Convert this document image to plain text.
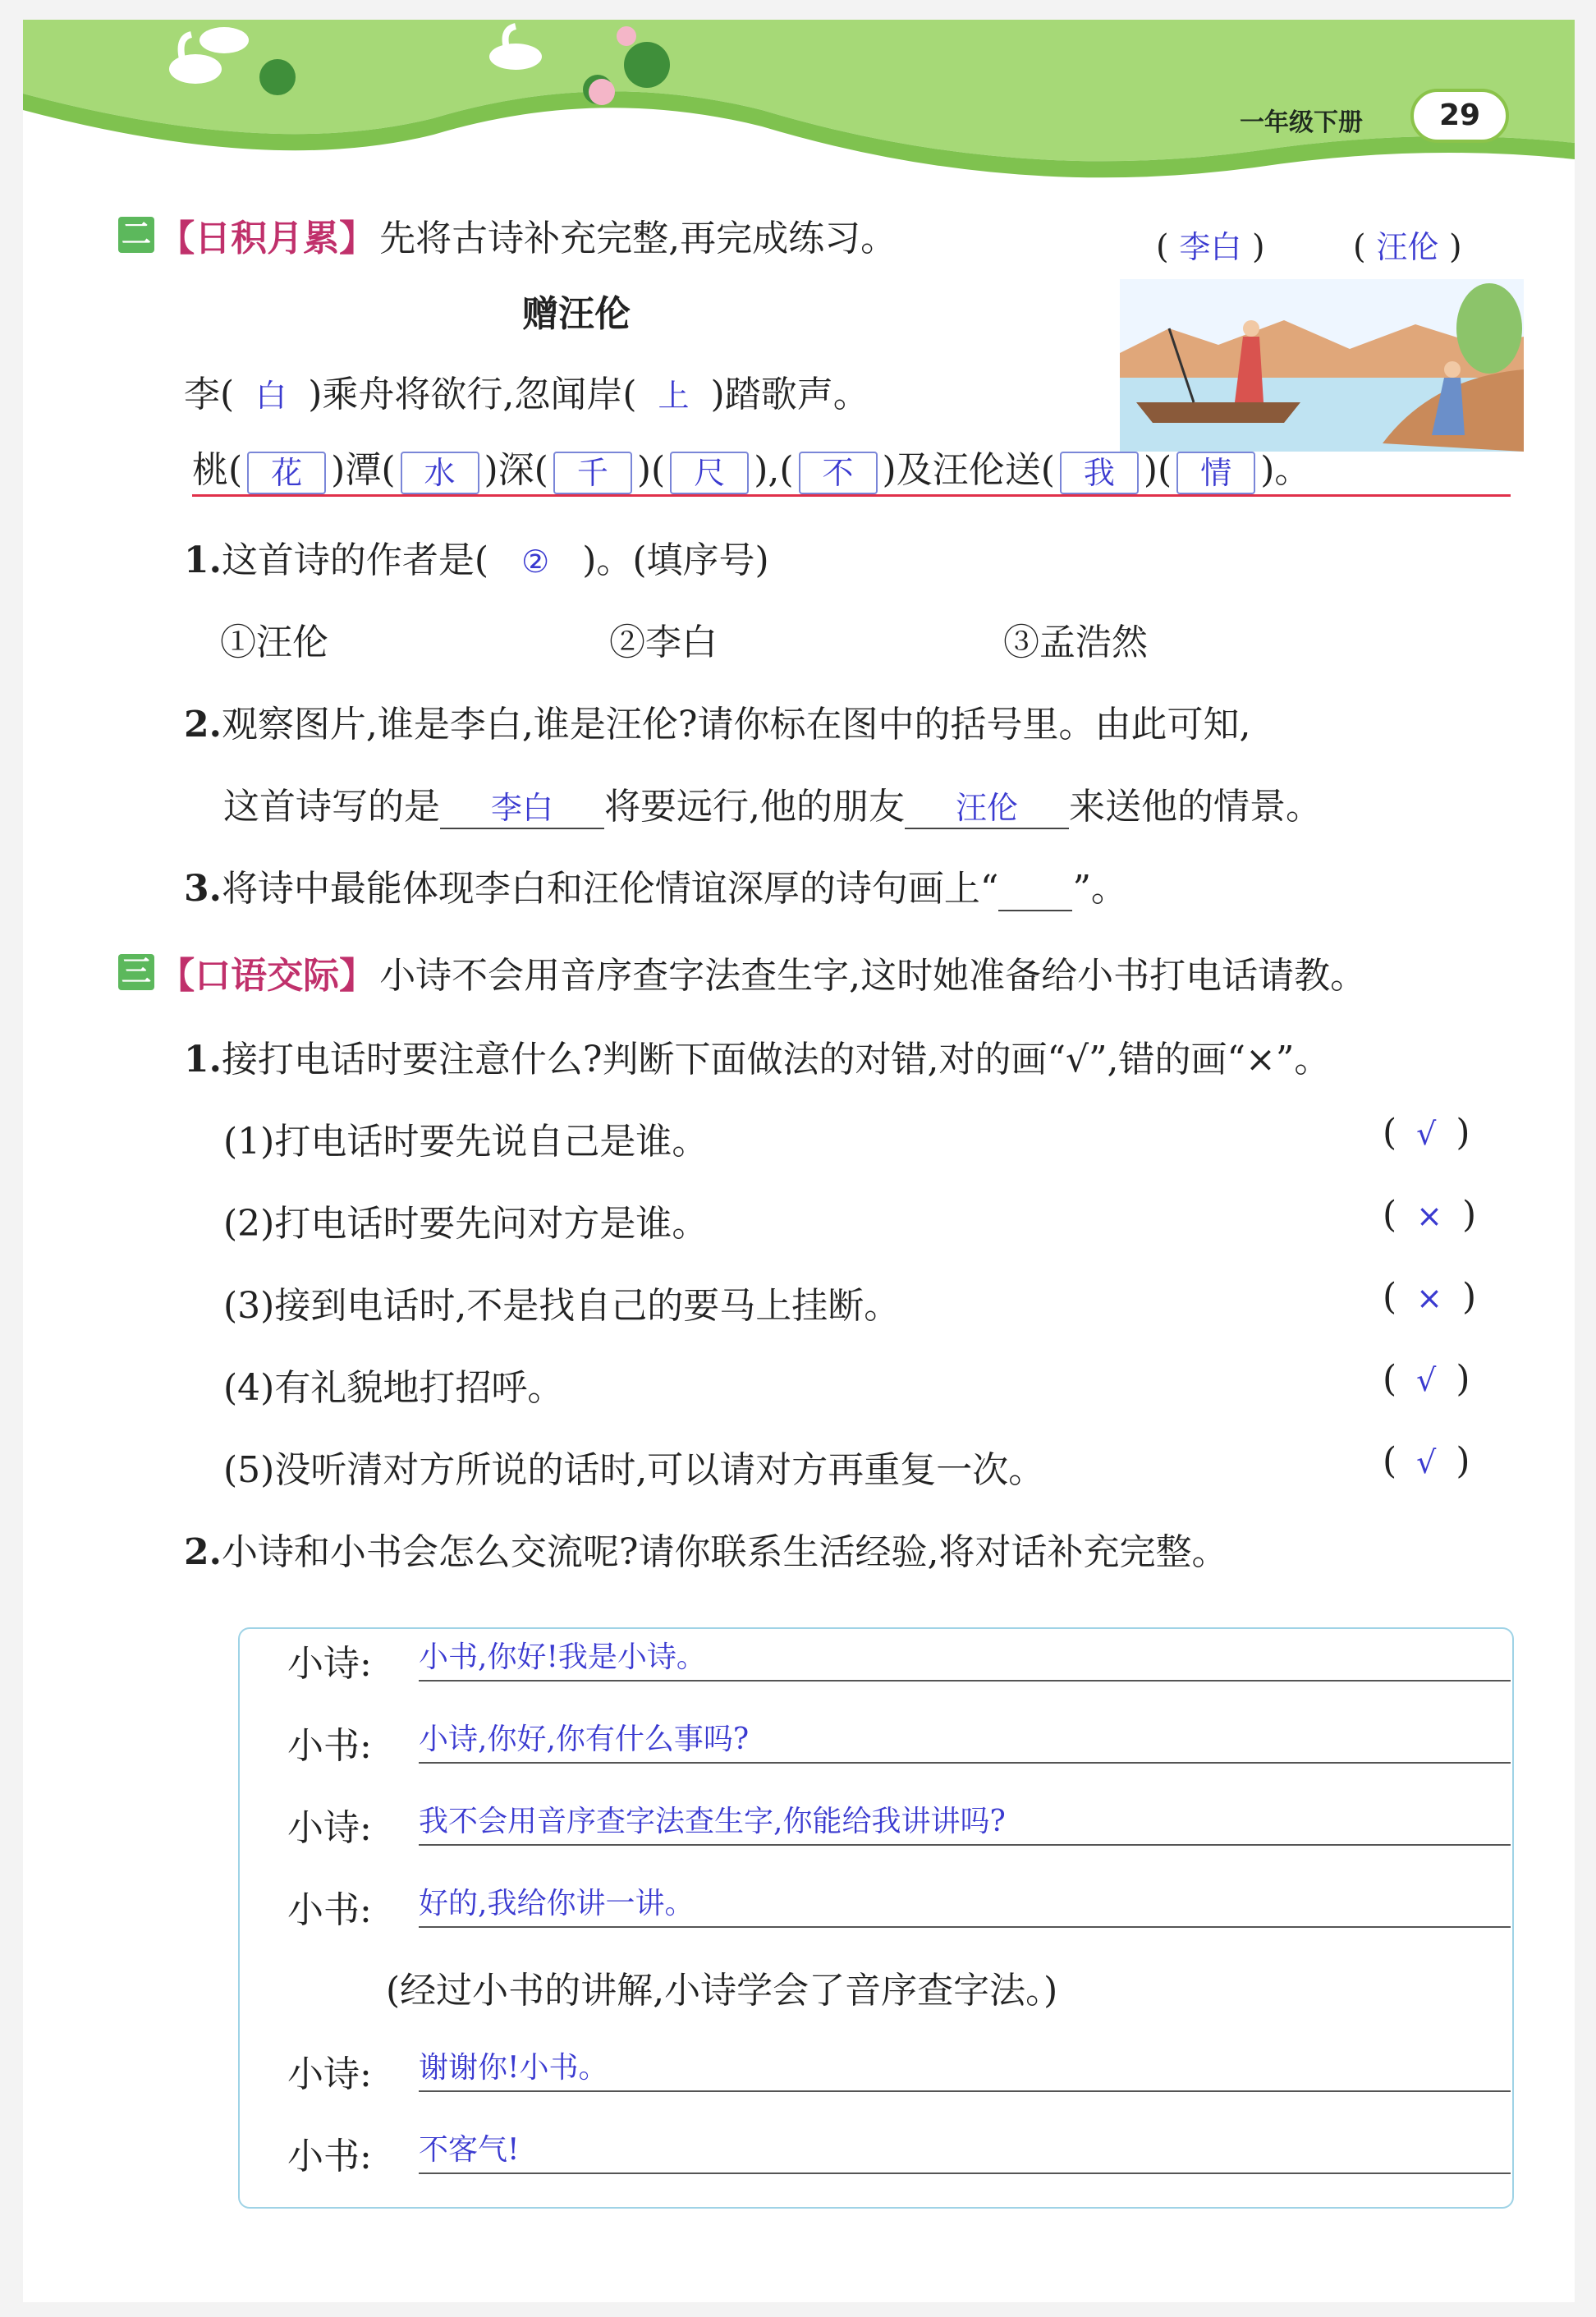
一年级下册	29
二 【日积月累】 先将古诗补充完整,再完成练习。
赠汪伦
( 李白 )	( 汪伦 )
李( 白 )乘舟将欲行,忽闻岸( 上 )踏歌声。
桃( 花 )潭( 水 )深( 千 )( 尺 ),( 不 )及汪伦送( 我 )( 情 )。
1.这首诗的作者是( ② )。(填序号)
①汪伦	②李白	③孟浩然
2.观察图片,谁是李白,谁是汪伦?请你标在图中的括号里。由此可知,
这首诗写的是 李白 将要远行,他的朋友 汪伦 来送他的情景。
3.将诗中最能体现李白和汪伦情谊深厚的诗句画上“ ”。
三 【口语交际】 小诗不会用音序查字法查生字,这时她准备给小书打电话请教。
1.接打电话时要注意什么?判断下面做法的对错,对的画“√”,错的画“×”。
(1)打电话时要先说自己是谁。	( √ )
(2)打电话时要先问对方是谁。	( × )
(3)接到电话时,不是找自己的要马上挂断。	( × )
(4)有礼貌地打招呼。	( √ )
(5)没听清对方所说的话时,可以请对方再重复一次。	( √ )
2.小诗和小书会怎么交流呢?请你联系生活经验,将对话补充完整。
小诗: 小书,你好!我是小诗。
小书: 小诗,你好,你有什么事吗?
小诗: 我不会用音序查字法查生字,你能给我讲讲吗?
小书: 好的,我给你讲一讲。
(经过小书的讲解,小诗学会了音序查字法。)
小诗: 谢谢你!小书。
小书: 不客气!
